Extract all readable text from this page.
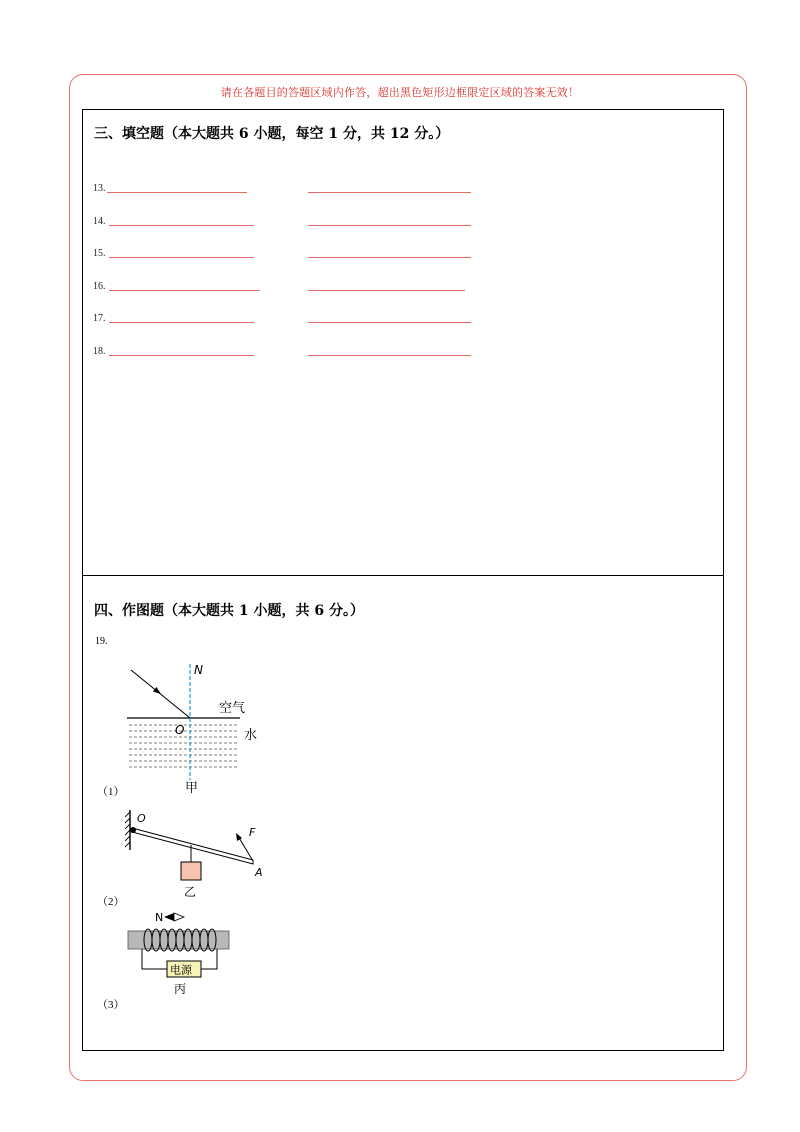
请在各题目的答题区域内作答，超出黑色矩形边框限定区域的答案无效！
三、填空题（本大题共 6 小题，每空 1 分，共 12 分。）
13.
14.
15.
16.
17.
18.
四、作图题（本大题共 1 小题，共 6 分。）
19.
N
O
空气
水
甲
（1）
O
F
A
乙
（2）
N
电源
丙
（3）
